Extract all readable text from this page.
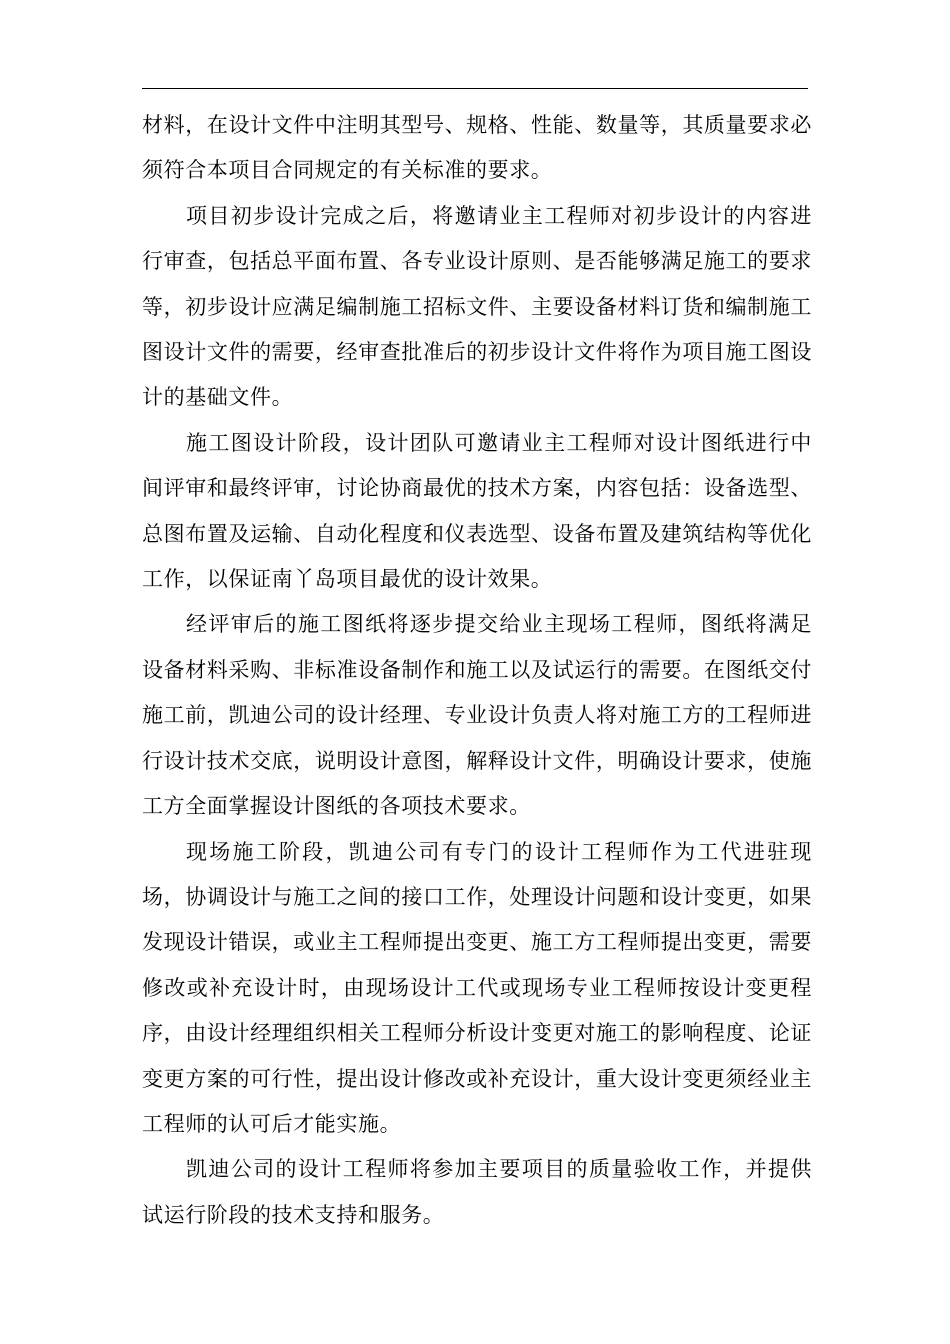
材料，在设计文件中注明其型号、规格、性能、数量等，其质量要求必须符合本项目合同规定的有关标准的要求。

项目初步设计完成之后，将邀请业主工程师对初步设计的内容进行审查，包括总平面布置、各专业设计原则、是否能够满足施工的要求等，初步设计应满足编制施工招标文件、主要设备材料订货和编制施工图设计文件的需要，经审查批准后的初步设计文件将作为项目施工图设计的基础文件。

施工图设计阶段，设计团队可邀请业主工程师对设计图纸进行中间评审和最终评审，讨论协商最优的技术方案，内容包括：设备选型、总图布置及运输、自动化程度和仪表选型、设备布置及建筑结构等优化工作，以保证南丫岛项目最优的设计效果。

经评审后的施工图纸将逐步提交给业主现场工程师，图纸将满足设备材料采购、非标准设备制作和施工以及试运行的需要。在图纸交付施工前，凯迪公司的设计经理、专业设计负责人将对施工方的工程师进行设计技术交底，说明设计意图，解释设计文件，明确设计要求，使施工方全面掌握设计图纸的各项技术要求。

现场施工阶段，凯迪公司有专门的设计工程师作为工代进驻现场，协调设计与施工之间的接口工作，处理设计问题和设计变更，如果发现设计错误，或业主工程师提出变更、施工方工程师提出变更，需要修改或补充设计时，由现场设计工代或现场专业工程师按设计变更程序，由设计经理组织相关工程师分析设计变更对施工的影响程度、论证变更方案的可行性，提出设计修改或补充设计，重大设计变更须经业主工程师的认可后才能实施。

凯迪公司的设计工程师将参加主要项目的质量验收工作，并提供试运行阶段的技术支持和服务。
